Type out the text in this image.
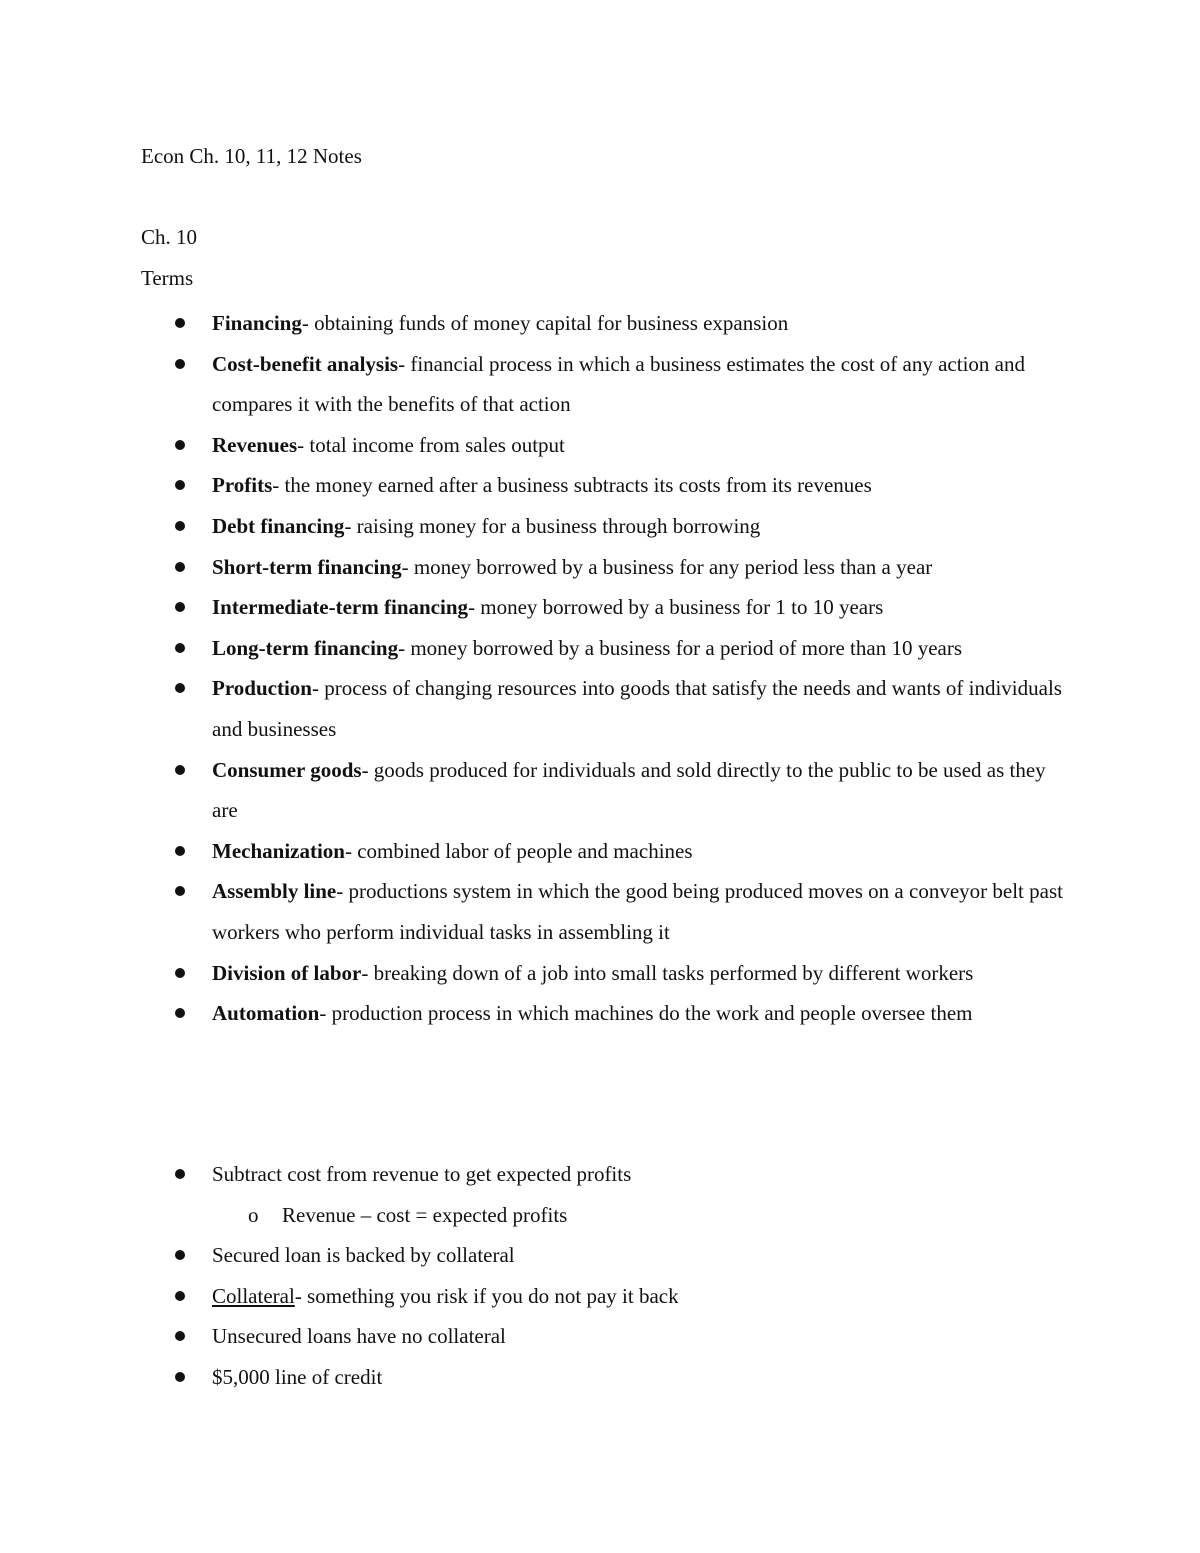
Econ Ch. 10, 11, 12 Notes
Ch. 10
Terms
Financing- obtaining funds of money capital for business expansion
Cost-benefit analysis- financial process in which a business estimates the cost of any action and compares it with the benefits of that action
Revenues- total income from sales output
Profits- the money earned after a business subtracts its costs from its revenues
Debt financing- raising money for a business through borrowing
Short-term financing- money borrowed by a business for any period less than a year
Intermediate-term financing- money borrowed by a business for 1 to 10 years
Long-term financing- money borrowed by a business for a period of more than 10 years
Production- process of changing resources into goods that satisfy the needs and wants of individuals and businesses
Consumer goods- goods produced for individuals and sold directly to the public to be used as they are
Mechanization- combined labor of people and machines
Assembly line- productions system in which the good being produced moves on a conveyor belt past workers who perform individual tasks in assembling it
Division of labor- breaking down of a job into small tasks performed by different workers
Automation- production process in which machines do the work and people oversee them
Subtract cost from revenue to get expected profits
o Revenue – cost = expected profits
Secured loan is backed by collateral
Collateral- something you risk if you do not pay it back
Unsecured loans have no collateral
$5,000 line of credit
